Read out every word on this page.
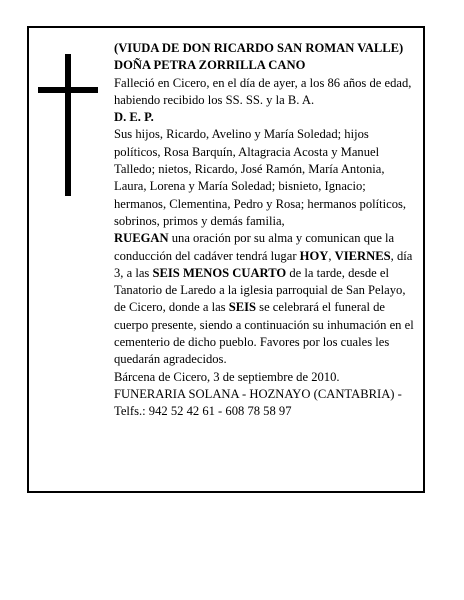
(VIUDA DE DON RICARDO SAN ROMAN VALLE)

DOÑA PETRA ZORRILLA CANO

Falleció en Cicero, en el día de ayer, a los 86 años de edad,

habiendo recibido los SS. SS. y la B. A.

D. E. P.

Sus hijos, Ricardo, Avelino y María Soledad; hijos políticos, Rosa Barquín, Altagracia Acosta y Manuel Talledo; nietos, Ricardo, José Ramón, María Antonia, Laura, Lorena y María Soledad; bisnieto, Ignacio; hermanos, Clementina, Pedro y Rosa; hermanos políticos, sobrinos, primos y demás familia,

RUEGAN una oración por su alma y comunican que la conducción del cadáver tendrá lugar HOY, VIERNES, día 3, a las SEIS MENOS CUARTO de la tarde, desde el Tanatorio de Laredo a la iglesia parroquial de San Pelayo, de Cicero, donde a las SEIS se celebrará el funeral de cuerpo presente, siendo a continuación su inhumación en el cementerio de dicho pueblo. Favores por los cuales les quedarán agradecidos.

Bárcena de Cicero, 3 de septiembre de 2010.

FUNERARIA SOLANA - HOZNAYO (CANTABRIA) - Telfs.: 942 52 42 61 - 608 78 58 97
